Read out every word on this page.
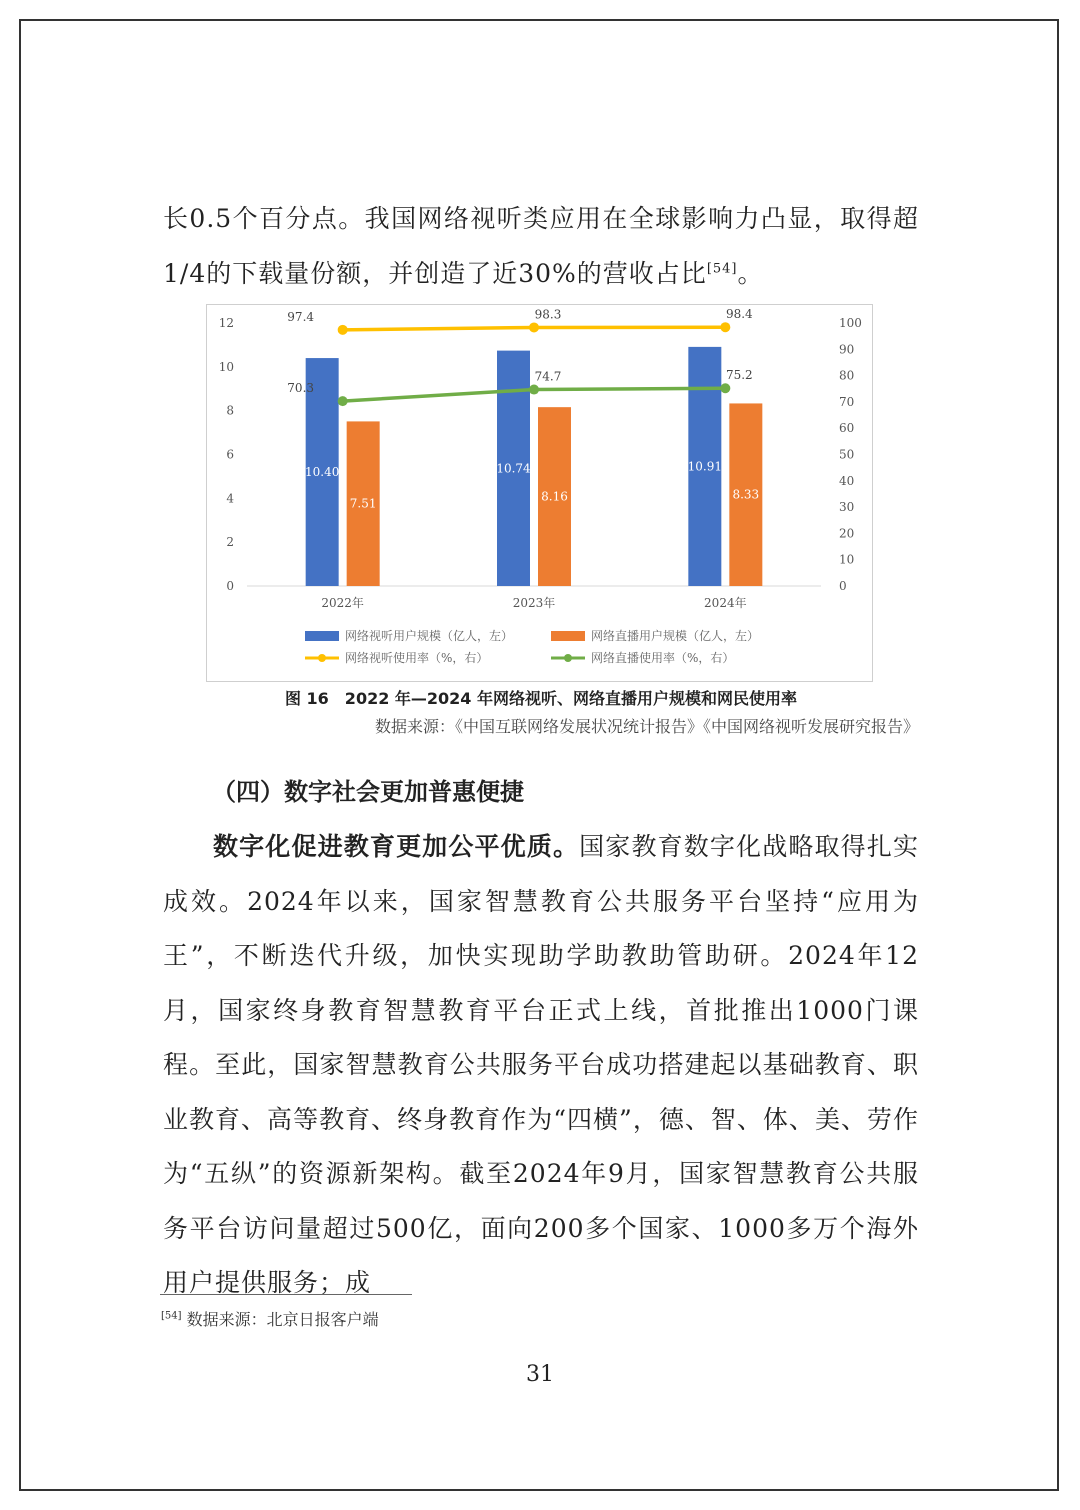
长0.5个百分点。我国网络视听类应用在全球影响力凸显，取得超1/4的下载量份额，并创造了近30%的营收占比[54]。

0
2
4
6
8
10
12
0
10
20
30
40
50
60
70
80
90
100
10.40	10.74	10.91
7.51
8.16	8.33
2022年	2023年	2024年
97.4	98.3	98.4
70.3
74.7	75.2
网络视听用户规模（亿人，左）	网络直播用户规模（亿人，左）
网络视听使用率（%，右）	网络直播使用率（%，右）
图 16　2022 年—2024 年网络视听、网络直播用户规模和网民使用率
数据来源：《中国互联网络发展状况统计报告》《中国网络视听发展研究报告》
（四）数字社会更加普惠便捷

数字化促进教育更加公平优质。国家教育数字化战略取得扎实成效。2024年以来，国家智慧教育公共服务平台坚持“应用为王”，不断迭代升级，加快实现助学助教助管助研。2024年12月，国家终身教育智慧教育平台正式上线，首批推出1000门课程。至此，国家智慧教育公共服务平台成功搭建起以基础教育、职业教育、高等教育、终身教育作为“四横”，德、智、体、美、劳作为“五纵”的资源新架构。截至2024年9月，国家智慧教育公共服务平台访问量超过500亿，面向200多个国家、1000多万个海外用户提供服务；成

[54] 数据来源：北京日报客户端
31
